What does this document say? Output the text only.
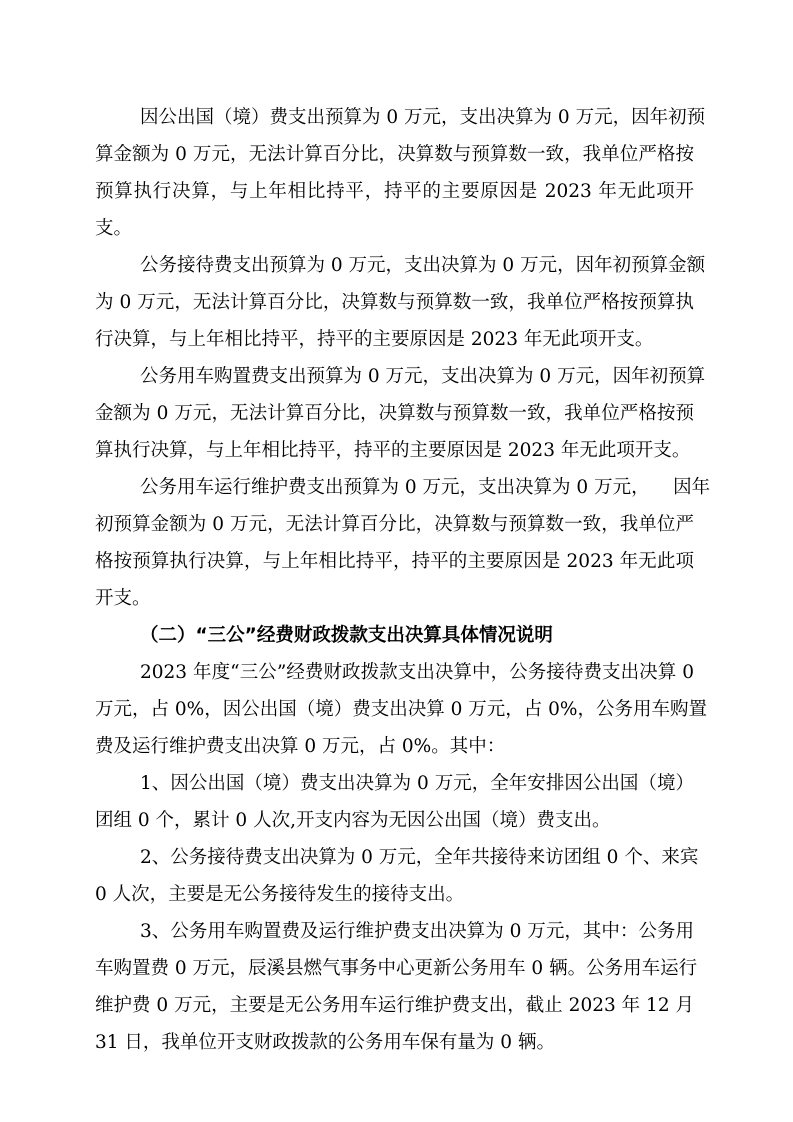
因公出国（境）费支出预算为 0 万元，支出决算为 0 万元，因年初预

算金额为 0 万元，无法计算百分比，决算数与预算数一致，我单位严格按

预算执行决算，与上年相比持平，持平的主要原因是 2023 年无此项开

支。

公务接待费支出预算为 0 万元，支出决算为 0 万元，因年初预算金额

为 0 万元，无法计算百分比，决算数与预算数一致，我单位严格按预算执

行决算，与上年相比持平，持平的主要原因是 2023 年无此项开支。

公务用车购置费支出预算为 0 万元，支出决算为 0 万元，因年初预算

金额为 0 万元，无法计算百分比，决算数与预算数一致，我单位严格按预

算执行决算，与上年相比持平，持平的主要原因是 2023 年无此项开支。

公务用车运行维护费支出预算为 0 万元，支出决算为 0 万元，    因年

初预算金额为 0 万元，无法计算百分比，决算数与预算数一致，我单位严

格按预算执行决算，与上年相比持平，持平的主要原因是 2023 年无此项

开支。

（二）“三公”经费财政拨款支出决算具体情况说明

2023 年度“三公”经费财政拨款支出决算中，公务接待费支出决算 0

万元，占 0%，因公出国（境）费支出决算 0 万元，占 0%，公务用车购置

费及运行维护费支出决算 0 万元，占 0%。其中：

1、因公出国（境）费支出决算为 0 万元，全年安排因公出国（境）

团组 0 个，累计 0 人次,开支内容为无因公出国（境）费支出。

2、公务接待费支出决算为 0 万元，全年共接待来访团组 0 个、来宾

0 人次，主要是无公务接待发生的接待支出。

3、公务用车购置费及运行维护费支出决算为 0 万元，其中：公务用

车购置费 0 万元，辰溪县燃气事务中心更新公务用车 0 辆。公务用车运行

维护费 0 万元，主要是无公务用车运行维护费支出，截止 2023 年 12 月

31 日，我单位开支财政拨款的公务用车保有量为 0 辆。
